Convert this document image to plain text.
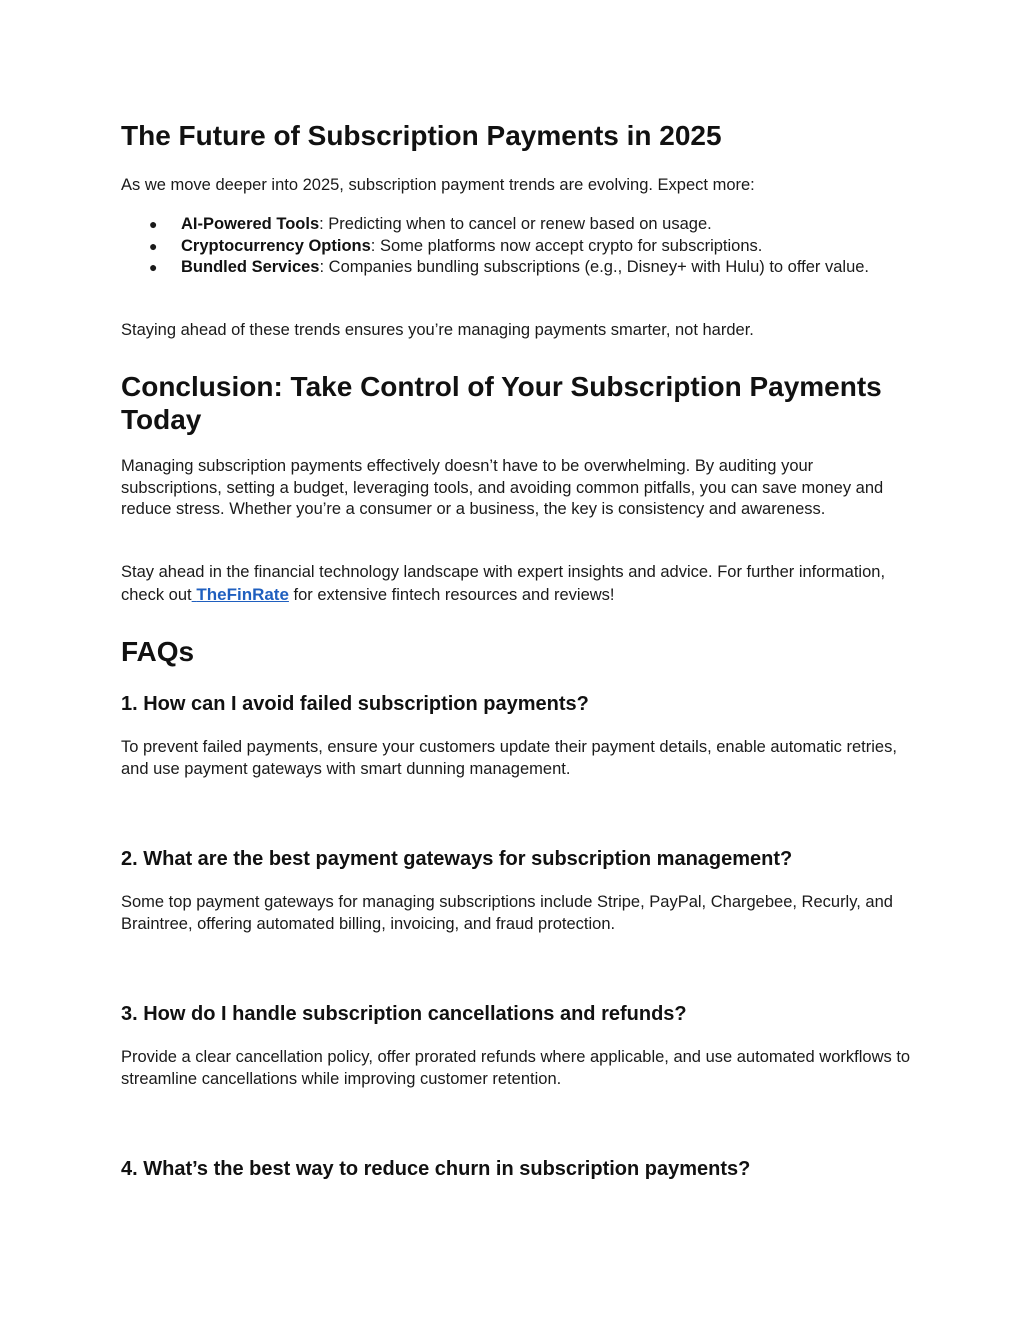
The Future of Subscription Payments in 2025

As we move deeper into 2025, subscription payment trends are evolving. Expect more:

● AI-Powered Tools: Predicting when to cancel or renew based on usage.
● Cryptocurrency Options: Some platforms now accept crypto for subscriptions.
● Bundled Services: Companies bundling subscriptions (e.g., Disney+ with Hulu) to offer value.

Staying ahead of these trends ensures you’re managing payments smarter, not harder.

Conclusion: Take Control of Your Subscription Payments Today

Managing subscription payments effectively doesn’t have to be overwhelming. By auditing your subscriptions, setting a budget, leveraging tools, and avoiding common pitfalls, you can save money and reduce stress. Whether you’re a consumer or a business, the key is consistency and awareness.

Stay ahead in the financial technology landscape with expert insights and advice. For further information, check out TheFinRate for extensive fintech resources and reviews!

FAQs
1. How can I avoid failed subscription payments?

To prevent failed payments, ensure your customers update their payment details, enable automatic retries, and use payment gateways with smart dunning management.

2. What are the best payment gateways for subscription management?

Some top payment gateways for managing subscriptions include Stripe, PayPal, Chargebee, Recurly, and Braintree, offering automated billing, invoicing, and fraud protection.

3. How do I handle subscription cancellations and refunds?

Provide a clear cancellation policy, offer prorated refunds where applicable, and use automated workflows to streamline cancellations while improving customer retention.

4. What’s the best way to reduce churn in subscription payments?
